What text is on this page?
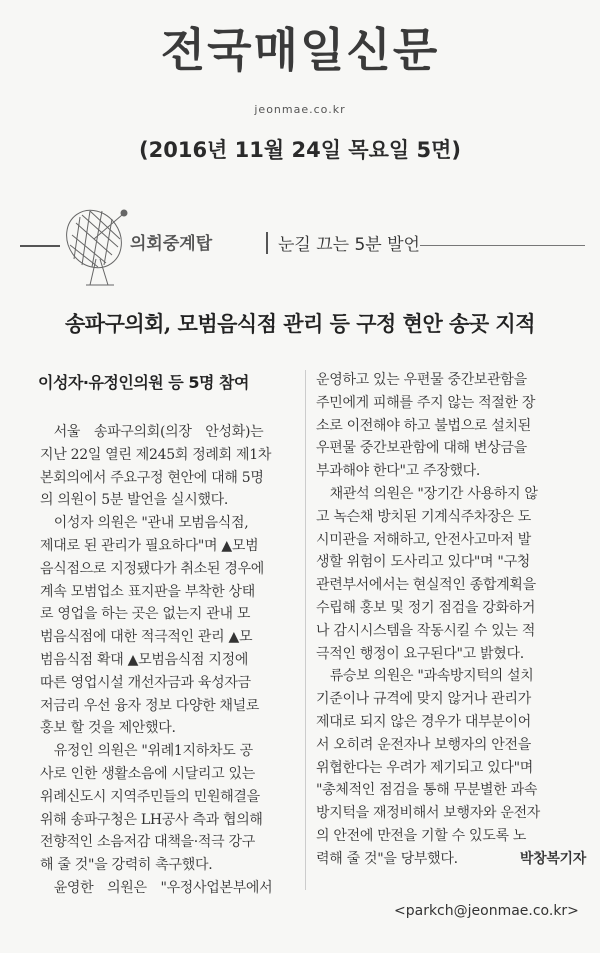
전국매일신문
jeonmae.co.kr
(2016년 11월 24일 목요일 5면)
의회중계탑	눈길 끄는 5분 발언
송파구의회, 모범음식점 관리 등 구정 현안 송곳 지적
이성자·유정인의원 등 5명 참여
　서울　송파구의회(의장　안성화)는
지난 22일 열린 제245회 정례회 제1차
본회의에서 주요구정 현안에 대해 5명
의 의원이 5분 발언을 실시했다.
　이성자 의원은 "관내 모범음식점,
제대로 된 관리가 필요하다"며 ▲모범
음식점으로 지정됐다가 취소된 경우에
계속 모범업소 표지판을 부착한 상태
로 영업을 하는 곳은 없는지 관내 모
범음식점에 대한 적극적인 관리 ▲모
범음식점 확대 ▲모범음식점 지정에
따른 영업시설 개선자금과 육성자금
저금리 우선 융자 정보 다양한 채널로
홍보 할 것을 제안했다.
　유정인 의원은 "위례1지하차도 공
사로 인한 생활소음에 시달리고 있는
위례신도시 지역주민들의 민원해결을
위해 송파구청은 LH공사 측과 협의해
전향적인 소음저감 대책을·적극 강구
해 줄 것"을 강력히 촉구했다.
　윤영한　의원은　"우정사업본부에서
운영하고 있는 우편물 중간보관함을
주민에게 피해를 주지 않는 적절한 장
소로 이전해야 하고 불법으로 설치된
우편물 중간보관함에 대해 변상금을
부과해야 한다"고 주장했다.
　채관석 의원은 "장기간 사용하지 않
고 녹슨채 방치된 기계식주차장은 도
시미관을 저해하고, 안전사고마저 발
생할 위험이 도사리고 있다"며 "구청
관련부서에서는 현실적인 종합계획을
수립해 홍보 및 정기 점검을 강화하거
나 감시시스템을 작동시킬 수 있는 적
극적인 행정이 요구된다"고 밝혔다.
　류승보 의원은 "과속방지턱의 설치
기준이나 규격에 맞지 않거나 관리가
제대로 되지 않은 경우가 대부분이어
서 오히려 운전자나 보행자의 안전을
위협한다는 우려가 제기되고 있다"며
"총체적인 점검을 통해 무분별한 과속
방지턱을 재정비해서 보행자와 운전자
의 안전에 만전을 기할 수 있도록 노
력해 줄 것"을 당부했다.	박창복기자
<parkch@jeonmae.co.kr>
